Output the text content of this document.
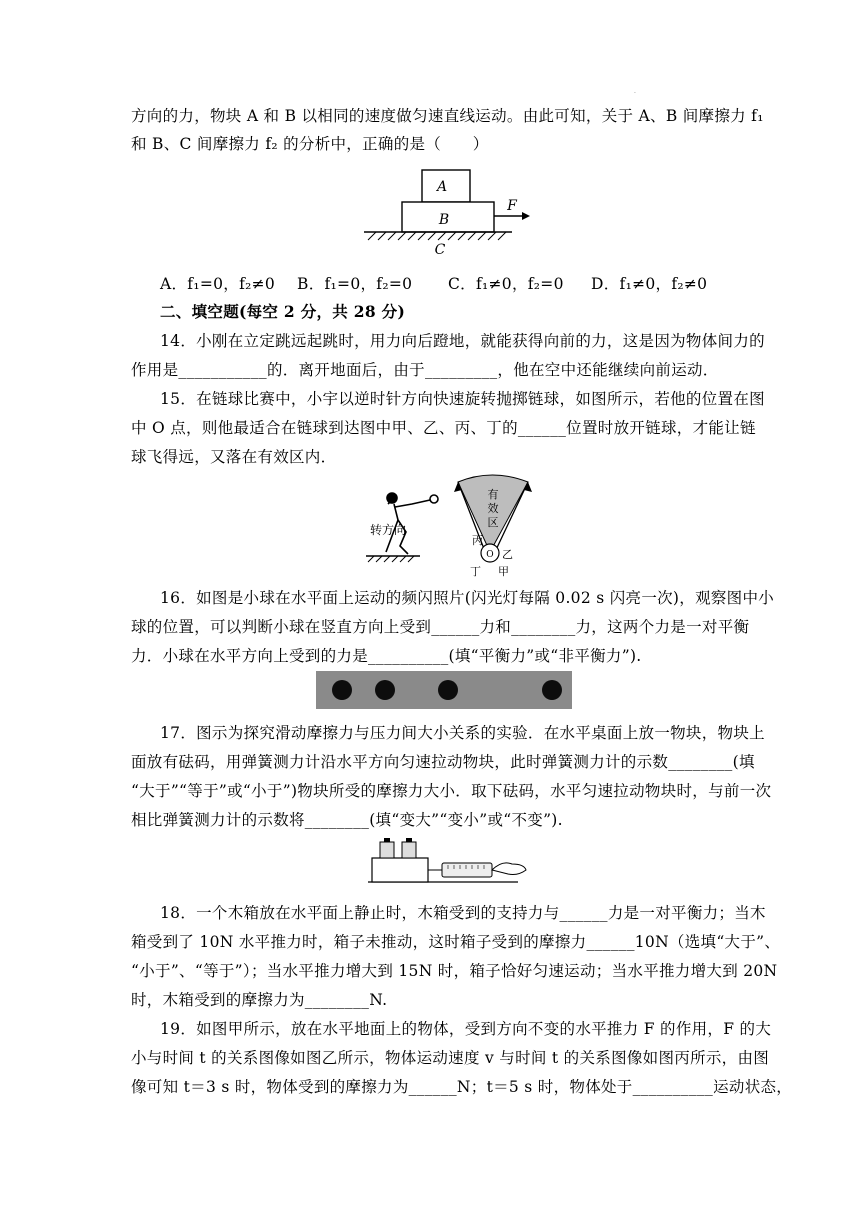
.
方向的力，物块 A 和 B 以相同的速度做匀速直线运动。由此可知，关于 A、B 间摩擦力 f₁
和 B、C 间摩擦力 f₂ 的分析中，正确的是（　　）
A
B
C
F
A．f₁=0，f₂≠0	B．f₁=0，f₂=0	C．f₁≠0，f₂=0	D．f₁≠0，f₂≠0
二、填空题(每空 2 分，共 28 分)
14．小刚在立定跳远起跳时，用力向后蹬地，就能获得向前的力，这是因为物体间力的
作用是___________的．离开地面后，由于_________，他在空中还能继续向前运动．
15．在链球比赛中，小宇以逆时针方向快速旋转抛掷链球，如图所示，若他的位置在图
中 O 点，则他最适合在链球到达图中甲、乙、丙、丁的______位置时放开链球，才能让链
球飞得远，又落在有效区内．
转方向
有
效
区
O
丙
乙
丁 甲
16．如图是小球在水平面上运动的频闪照片(闪光灯每隔 0.02 s 闪亮一次)，观察图中小
球的位置，可以判断小球在竖直方向上受到______力和________力，这两个力是一对平衡
力．小球在水平方向上受到的力是__________(填“平衡力”或“非平衡力”).
17．图示为探究滑动摩擦力与压力间大小关系的实验．在水平桌面上放一物块，物块上
面放有砝码，用弹簧测力计沿水平方向匀速拉动物块，此时弹簧测力计的示数________(填
“大于”“等于”或“小于”)物块所受的摩擦力大小．取下砝码，水平匀速拉动物块时，与前一次
相比弹簧测力计的示数将________(填“变大”“变小”或“不变”).
18．一个木箱放在水平面上静止时，木箱受到的支持力与______力是一对平衡力；当木
箱受到了 10N 水平推力时，箱子未推动，这时箱子受到的摩擦力______10N（选填“大于”、
“小于”、“等于”）；当水平推力增大到 15N 时，箱子恰好匀速运动；当水平推力增大到 20N
时，木箱受到的摩擦力为________N.
19．如图甲所示，放在水平地面上的物体，受到方向不变的水平推力 F 的作用，F 的大
小与时间 t 的关系图像如图乙所示，物体运动速度 v 与时间 t 的关系图像如图丙所示，由图
像可知 t＝3 s 时，物体受到的摩擦力为______N；t＝5 s 时，物体处于__________运动状态，
